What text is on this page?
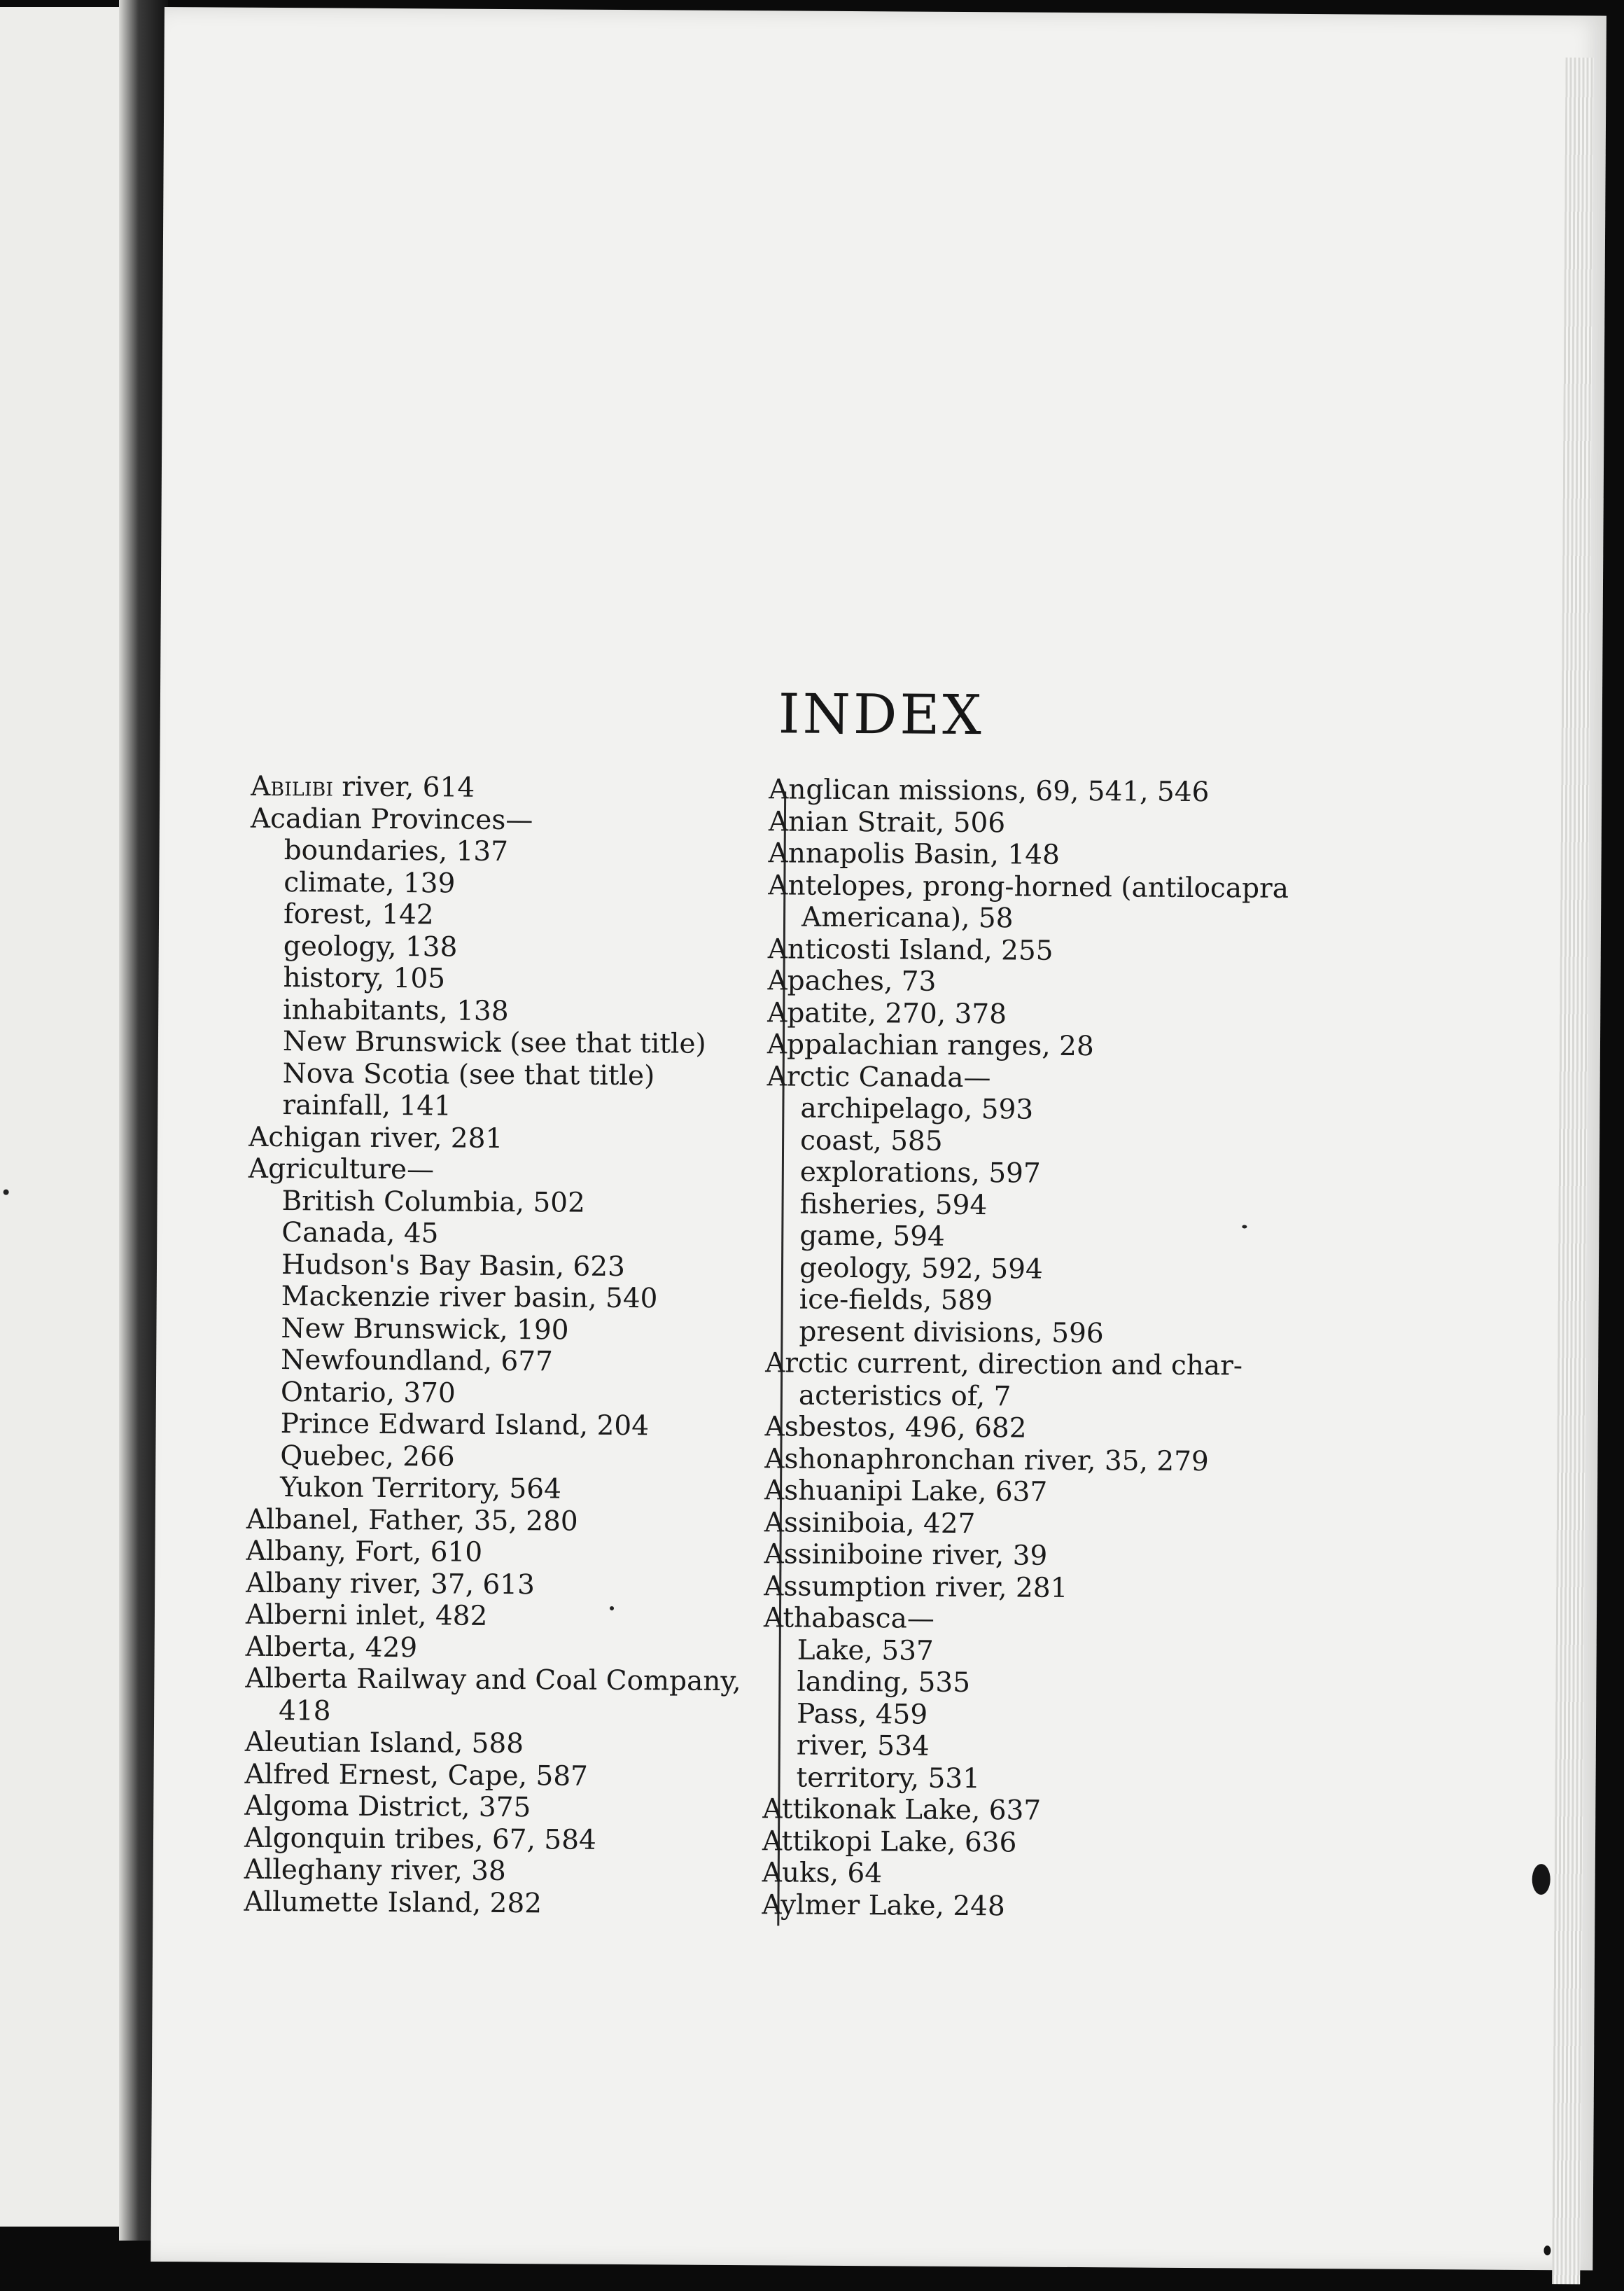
INDEX
Abilibi river, 614
Acadian Provinces—
boundaries, 137
climate, 139
forest, 142
geology, 138
history, 105
inhabitants, 138
New Brunswick (see that title)
Nova Scotia (see that title)
rainfall, 141
Achigan river, 281
Agriculture—
British Columbia, 502
Canada, 45
Hudson's Bay Basin, 623
Mackenzie river basin, 540
New Brunswick, 190
Newfoundland, 677
Ontario, 370
Prince Edward Island, 204
Quebec, 266
Yukon Territory, 564
Albanel, Father, 35, 280
Albany, Fort, 610
Albany river, 37, 613
Alberni inlet, 482
Alberta, 429
Alberta Railway and Coal Company,
418
Aleutian Island, 588
Alfred Ernest, Cape, 587
Algoma District, 375
Algonquin tribes, 67, 584
Alleghany river, 38
Allumette Island, 282
Anglican missions, 69, 541, 546
Anian Strait, 506
Annapolis Basin, 148
Antelopes, prong-horned (antilocapra
Americana), 58
Anticosti Island, 255
Apaches, 73
Apatite, 270, 378
Appalachian ranges, 28
Arctic Canada—
archipelago, 593
coast, 585
explorations, 597
fisheries, 594
game, 594
geology, 592, 594
ice-fields, 589
present divisions, 596
Arctic current, direction and char-
acteristics of, 7
Asbestos, 496, 682
Ashonaphronchan river, 35, 279
Ashuanipi Lake, 637
Assiniboia, 427
Assiniboine river, 39
Assumption river, 281
Athabasca—
Lake, 537
landing, 535
Pass, 459
river, 534
territory, 531
Attikonak Lake, 637
Attikopi Lake, 636
Auks, 64
Aylmer Lake, 248
